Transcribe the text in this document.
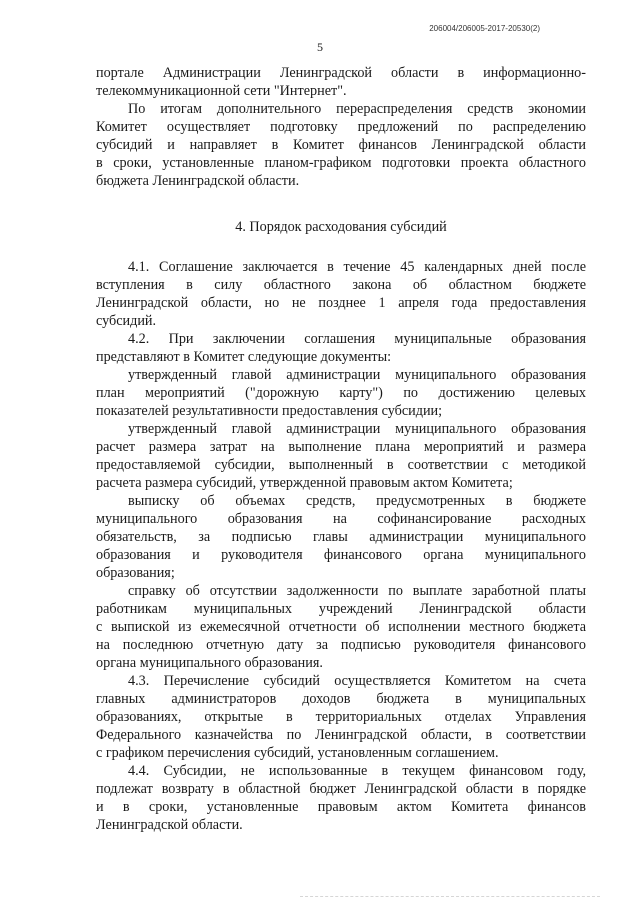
206004/206005-2017-20530(2)
5
порталe Администрации Ленинградской области в информационно-
телекоммуникационной сети "Интернет".
По итогам дополнительного перераспределения средств экономии
Комитет осуществляет подготовку предложений по распределению
субсидий и направляет в Комитет финансов Ленинградской области
в сроки, установленные планом-графиком подготовки проекта областного
бюджета Ленинградской области.
4. Порядок расходования субсидий
4.1. Соглашение заключается в течение 45 календарных дней после
вступления в силу областного закона об областном бюджете
Ленинградской области, но не позднее 1 апреля года предоставления
субсидий.
4.2. При заключении соглашения муниципальные образования
представляют в Комитет следующие документы:
утвержденный главой администрации муниципального образования
план мероприятий ("дорожную карту") по достижению целевых
показателей результативности предоставления субсидии;
утвержденный главой администрации муниципального образования
расчет размера затрат на выполнение плана мероприятий и размера
предоставляемой субсидии, выполненный в соответствии с методикой
расчета размера субсидий, утвержденной правовым актом Комитета;
выписку об объемах средств, предусмотренных в бюджете
муниципального образования на софинансирование расходных
обязательств, за подписью главы администрации муниципального
образования и руководителя финансового органа муниципального
образования;
справку об отсутствии задолженности по выплате заработной платы
работникам муниципальных учреждений Ленинградской области
с выпиской из ежемесячной отчетности об исполнении местного бюджета
на последнюю отчетную дату за подписью руководителя финансового
органа муниципального образования.
4.3. Перечисление субсидий осуществляется Комитетом на счета
главных администраторов доходов бюджета в муниципальных
образованиях, открытые в территориальных отделах Управления
Федерального казначейства по Ленинградской области, в соответствии
с графиком перечисления субсидий, установленным соглашением.
4.4. Субсидии, не использованные в текущем финансовом году,
подлежат возврату в областной бюджет Ленинградской области в порядке
и в сроки, установленные правовым актом Комитета финансов
Ленинградской области.
